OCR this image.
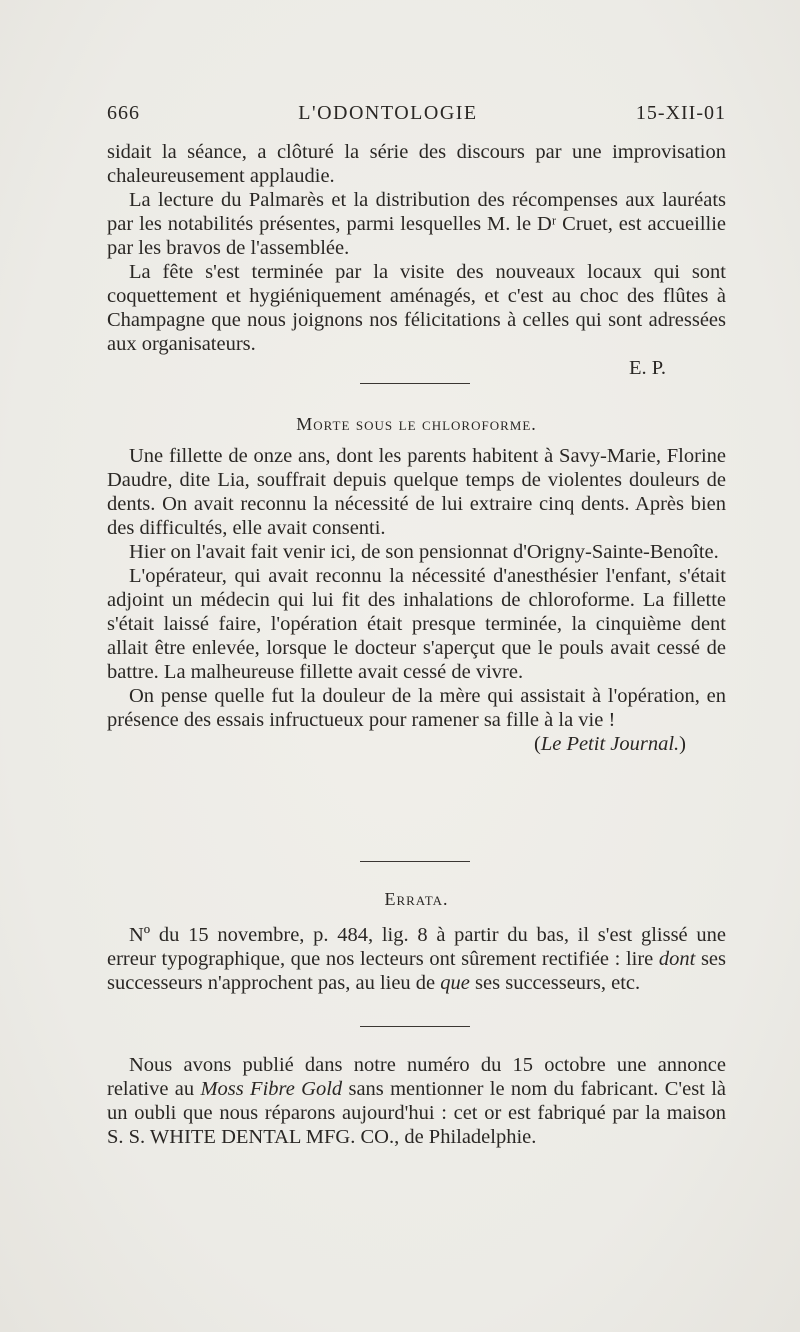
666	L'ODONTOLOGIE	15-XII-01

sidait la séance, a clôturé la série des discours par une improvisation chaleureusement applaudie.

La lecture du Palmarès et la distribution des récompenses aux lauréats par les notabilités présentes, parmi lesquelles M. le Dʳ Cruet, est accueillie par les bravos de l'assemblée.

La fête s'est terminée par la visite des nouveaux locaux qui sont coquettement et hygiéniquement aménagés, et c'est au choc des flûtes à Champagne que nous joignons nos félicitations à celles qui sont adressées aux organisateurs.

E. P.

Morte sous le chloroforme.

Une fillette de onze ans, dont les parents habitent à Savy-Marie, Florine Daudre, dite Lia, souffrait depuis quelque temps de violentes douleurs de dents. On avait reconnu la nécessité de lui extraire cinq dents. Après bien des difficultés, elle avait consenti.

Hier on l'avait fait venir ici, de son pensionnat d'Origny-Sainte-Benoîte.

L'opérateur, qui avait reconnu la nécessité d'anesthésier l'enfant, s'était adjoint un médecin qui lui fit des inhalations de chloroforme. La fillette s'était laissé faire, l'opération était presque terminée, la cinquième dent allait être enlevée, lorsque le docteur s'aperçut que le pouls avait cessé de battre. La malheureuse fillette avait cessé de vivre.

On pense quelle fut la douleur de la mère qui assistait à l'opération, en présence des essais infructueux pour ramener sa fille à la vie !

(Le Petit Journal.)

Errata.

Nº du 15 novembre, p. 484, lig. 8 à partir du bas, il s'est glissé une erreur typographique, que nos lecteurs ont sûrement rectifiée : lire dont ses successeurs n'approchent pas, au lieu de que ses successeurs, etc.

Nous avons publié dans notre numéro du 15 octobre une annonce relative au Moss Fibre Gold sans mentionner le nom du fabricant. C'est là un oubli que nous réparons aujourd'hui : cet or est fabriqué par la maison S. S. WHITE DENTAL MFG. CO., de Philadelphie.
